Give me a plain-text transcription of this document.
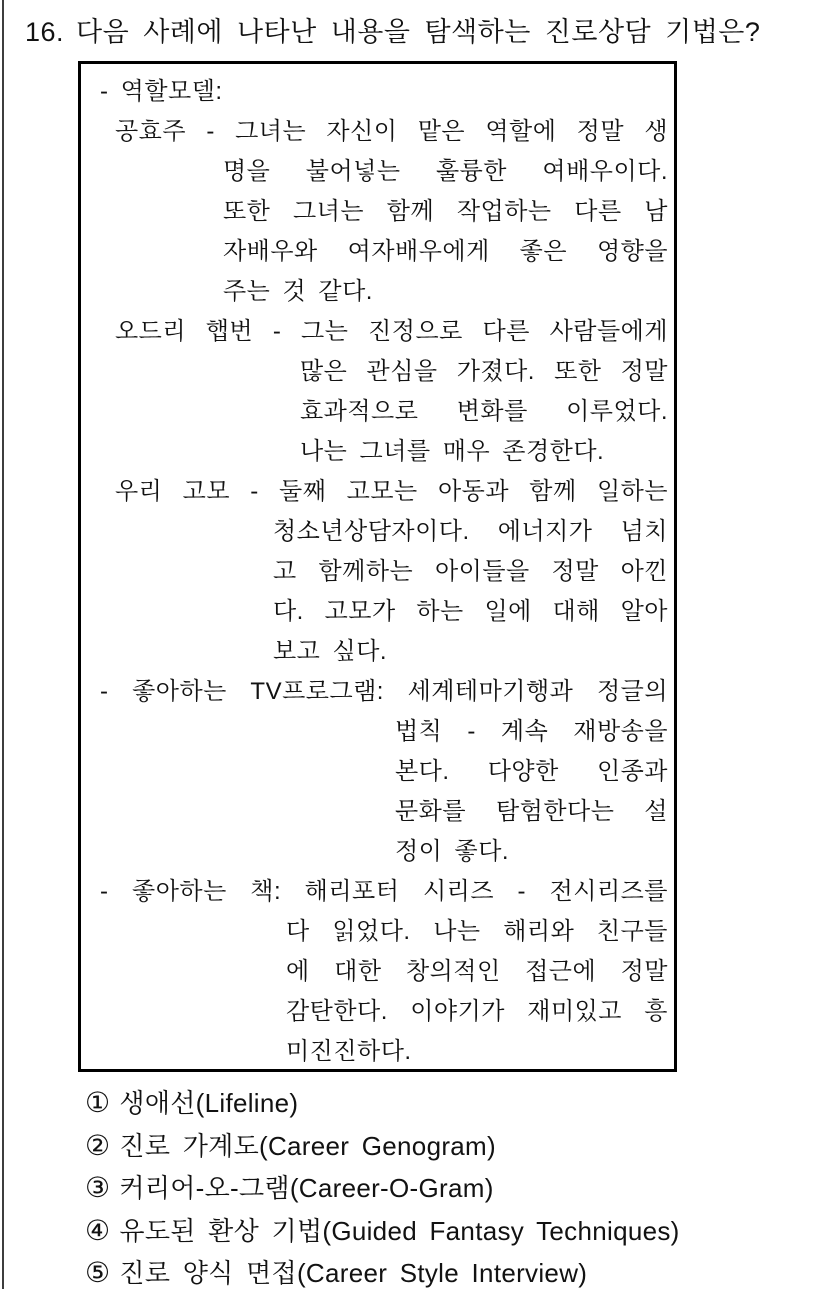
16. 다음 사례에 나타난 내용을 탐색하는 진로상담 기법은?
- 역할모델:
공효주 - 그녀는 자신이 맡은 역할에 정말 생
명을 불어넣는 훌륭한 여배우이다.
또한 그녀는 함께 작업하는 다른 남
자배우와 여자배우에게 좋은 영향을
주는 것 같다.
오드리 햅번 - 그는 진정으로 다른 사람들에게
많은 관심을 가졌다. 또한 정말
효과적으로 변화를 이루었다.
나는 그녀를 매우 존경한다.
우리 고모 - 둘째 고모는 아동과 함께 일하는
청소년상담자이다. 에너지가 넘치
고 함께하는 아이들을 정말 아낀
다. 고모가 하는 일에 대해 알아
보고 싶다.
- 좋아하는 TV프로그램: 세계테마기행과 정글의
법칙 - 계속 재방송을
본다. 다양한 인종과
문화를 탐험한다는 설
정이 좋다.
- 좋아하는 책: 해리포터 시리즈 - 전시리즈를
다 읽었다. 나는 해리와 친구들
에 대한 창의적인 접근에 정말
감탄한다. 이야기가 재미있고 흥
미진진하다.
① 생애선(Lifeline)
② 진로 가계도(Career Genogram)
③ 커리어-오-그램(Career-O-Gram)
④ 유도된 환상 기법(Guided Fantasy Techniques)
⑤ 진로 양식 면접(Career Style Interview)
